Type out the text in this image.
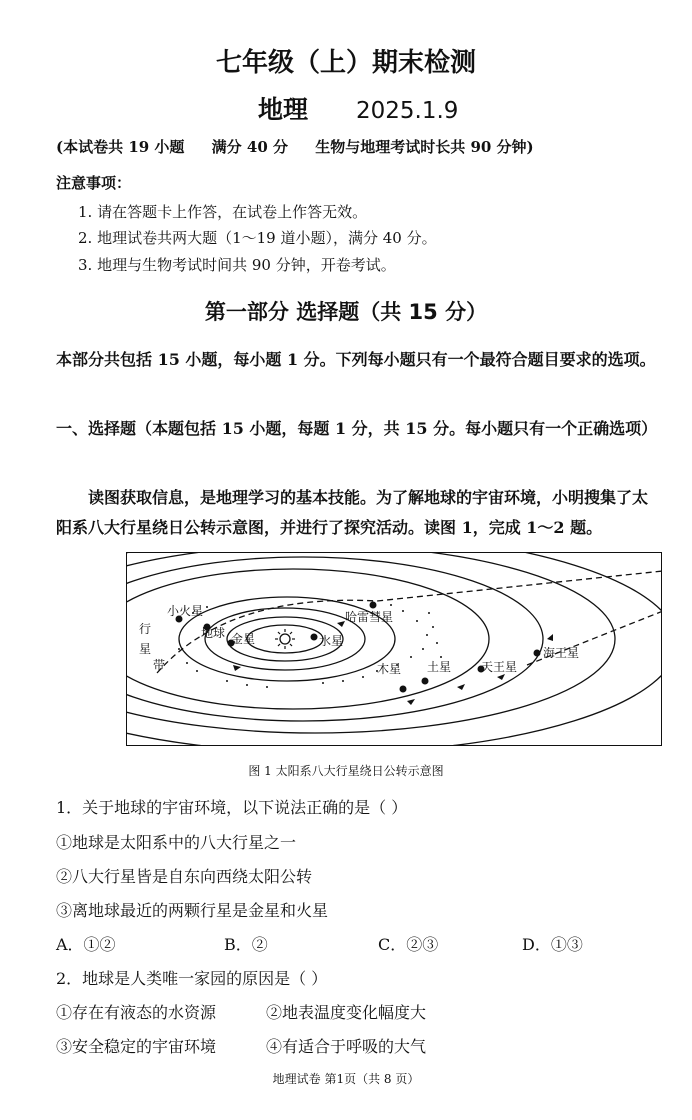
七年级（上）期末检测
地理 2025.1.9
(本试卷共 19 小题 满分 40 分 生物与地理考试时长共 90 分钟)
注意事项：
1. 请在答题卡上作答，在试卷上作答无效。
2. 地理试卷共两大题（1～19 道小题），满分 40 分。
3. 地理与生物考试时间共 90 分钟，开卷考试。
第一部分 选择题（共 15 分）
本部分共包括 15 小题，每小题 1 分。下列每小题只有一个最符合题目要求的选项。
一、选择题（本题包括 15 小题，每题 1 分，共 15 分。每小题只有一个正确选项）
读图获取信息，是地理学习的基本技能。为了解地球的宇宙环境，小明搜集了太阳系八大行星绕日公转示意图，并进行了探究活动。读图 1，完成 1～2 题。
小火星
地球 金星	水星
哈雷彗星
木星 土星 天王星
海王星
行
星
带
图 1 太阳系八大行星绕日公转示意图
1．关于地球的宇宙环境，以下说法正确的是（ ）
①地球是太阳系中的八大行星之一
②八大行星皆是自东向西绕太阳公转
③离地球最近的两颗行星是金星和火星
A．①②	B．②	C．②③	D．①③
2．地球是人类唯一家园的原因是（ ）
①存在有液态的水资源	②地表温度变化幅度大
③安全稳定的宇宙环境	④有适合于呼吸的大气
地理试卷 第1页（共 8 页）
